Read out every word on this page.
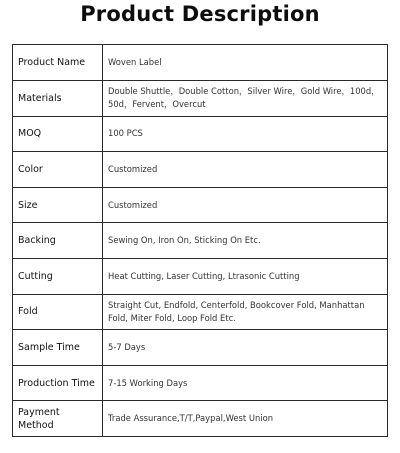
Product Description
Product Name	Woven Label
Materials	Double Shuttle，Double Cotton，Silver Wire，Gold Wire，100d，50d，Fervent，Overcut
MOQ	100 PCS
Color	Customized
Size	Customized
Backing	Sewing On, Iron On, Sticking On Etc.
Cutting	Heat Cutting, Laser Cutting, Ltrasonic Cutting
Fold	Straight Cut, Endfold, Centerfold, Bookcover Fold, Manhattan Fold, Miter Fold, Loop Fold Etc.
Sample Time	5-7 Days
Production Time	7-15 Working Days
Payment Method	Trade Assurance,T/T,Paypal,West Union
